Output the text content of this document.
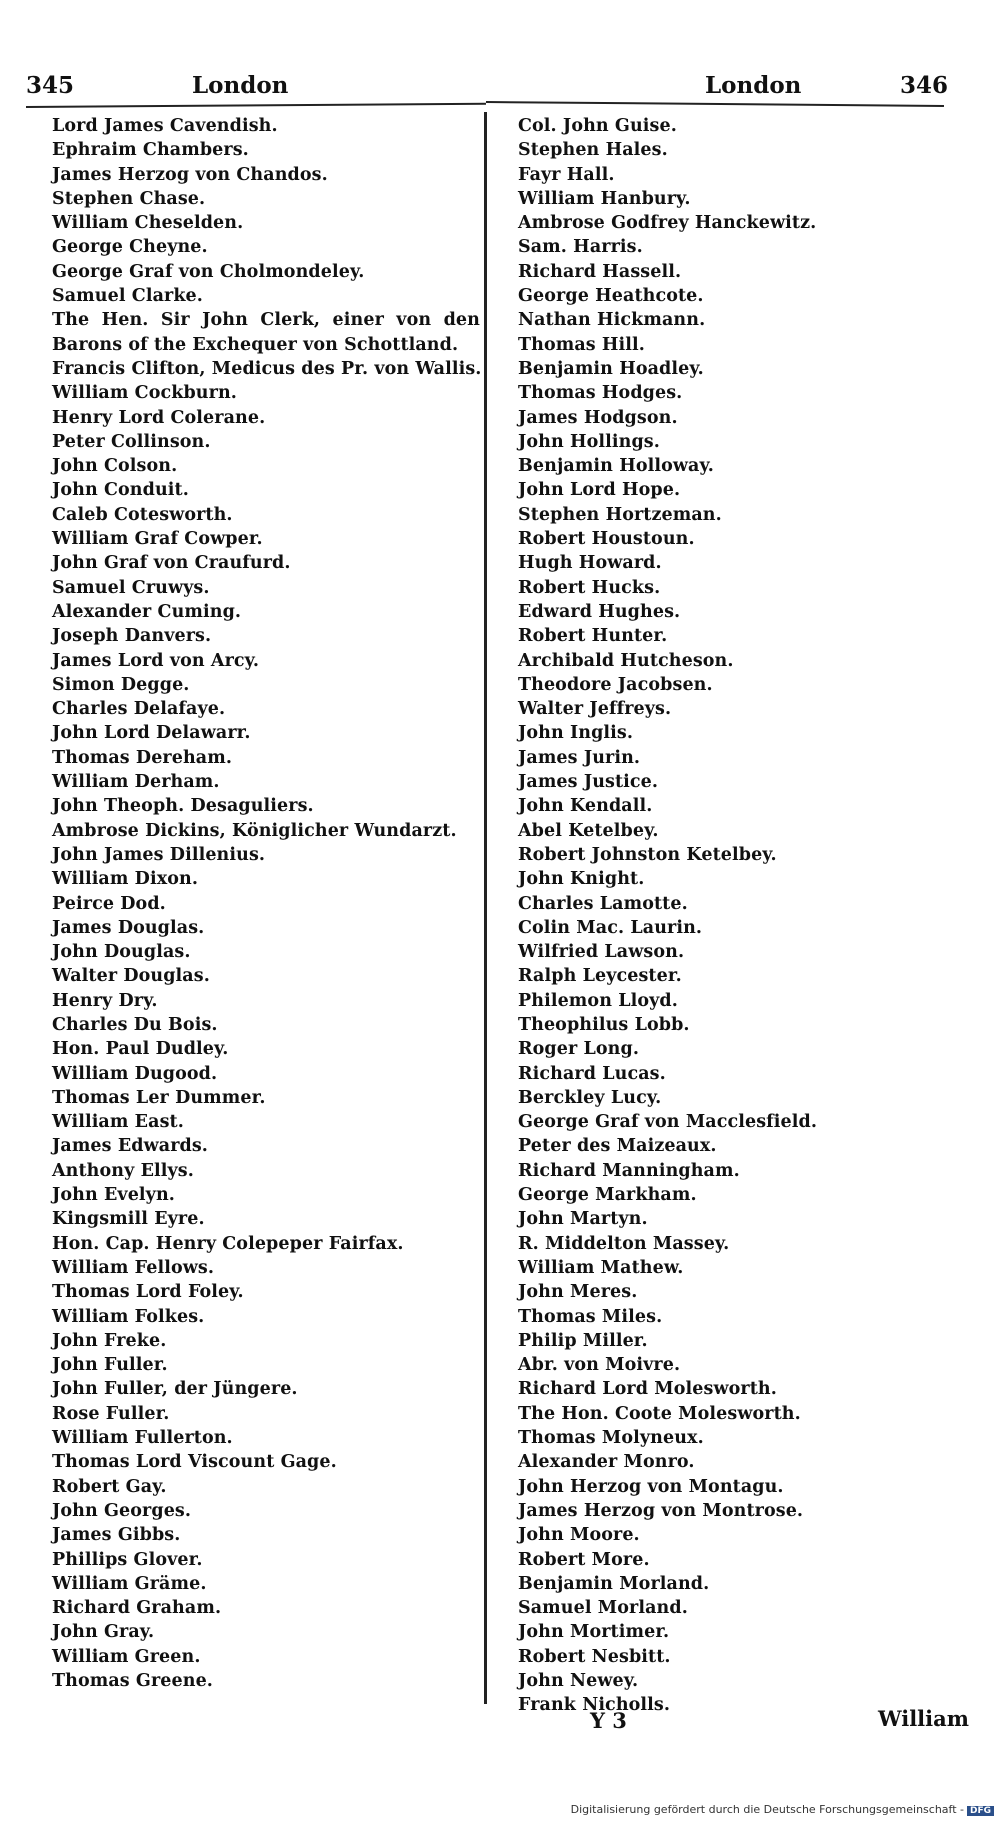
345	London	London	346
Lord James Cavendish.
Ephraim Chambers.
James Herzog von Chandos.
Stephen Chase.
William Cheselden.
George Cheyne.
George Graf von Cholmondeley.
Samuel Clarke.
The Hen. Sir John Clerk, einer von den Barons of the Exchequer von Schottland.
Francis Clifton, Medicus des Pr. von Wallis.
William Cockburn.
Henry Lord Colerane.
Peter Collinson.
John Colson.
John Conduit.
Caleb Cotesworth.
William Graf Cowper.
John Graf von Craufurd.
Samuel Cruwys.
Alexander Cuming.
Joseph Danvers.
James Lord von Arcy.
Simon Degge.
Charles Delafaye.
John Lord Delawarr.
Thomas Dereham.
William Derham.
John Theoph. Desaguliers.
Ambrose Dickins, Königlicher Wundarzt.
John James Dillenius.
William Dixon.
Peirce Dod.
James Douglas.
John Douglas.
Walter Douglas.
Henry Dry.
Charles Du Bois.
Hon. Paul Dudley.
William Dugood.
Thomas Ler Dummer.
William East.
James Edwards.
Anthony Ellys.
John Evelyn.
Kingsmill Eyre.
Hon. Cap. Henry Colepeper Fairfax.
William Fellows.
Thomas Lord Foley.
William Folkes.
John Freke.
John Fuller.
John Fuller, der Jüngere.
Rose Fuller.
William Fullerton.
Thomas Lord Viscount Gage.
Robert Gay.
John Georges.
James Gibbs.
Phillips Glover.
William Gräme.
Richard Graham.
John Gray.
William Green.
Thomas Greene.
Col. John Guise.
Stephen Hales.
Fayr Hall.
William Hanbury.
Ambrose Godfrey Hanckewitz.
Sam. Harris.
Richard Hassell.
George Heathcote.
Nathan Hickmann.
Thomas Hill.
Benjamin Hoadley.
Thomas Hodges.
James Hodgson.
John Hollings.
Benjamin Holloway.
John Lord Hope.
Stephen Hortzeman.
Robert Houstoun.
Hugh Howard.
Robert Hucks.
Edward Hughes.
Robert Hunter.
Archibald Hutcheson.
Theodore Jacobsen.
Walter Jeffreys.
John Inglis.
James Jurin.
James Justice.
John Kendall.
Abel Ketelbey.
Robert Johnston Ketelbey.
John Knight.
Charles Lamotte.
Colin Mac. Laurin.
Wilfried Lawson.
Ralph Leycester.
Philemon Lloyd.
Theophilus Lobb.
Roger Long.
Richard Lucas.
Berckley Lucy.
George Graf von Macclesfield.
Peter des Maizeaux.
Richard Manningham.
George Markham.
John Martyn.
R. Middelton Massey.
William Mathew.
John Meres.
Thomas Miles.
Philip Miller.
Abr. von Moivre.
Richard Lord Molesworth.
The Hon. Coote Molesworth.
Thomas Molyneux.
Alexander Monro.
John Herzog von Montagu.
James Herzog von Montrose.
John Moore.
Robert More.
Benjamin Morland.
Samuel Morland.
John Mortimer.
Robert Nesbitt.
John Newey.
Frank Nicholls.
Y 3	William
Digitalisierung gefördert durch die Deutsche Forschungsgemeinschaft - DFG
